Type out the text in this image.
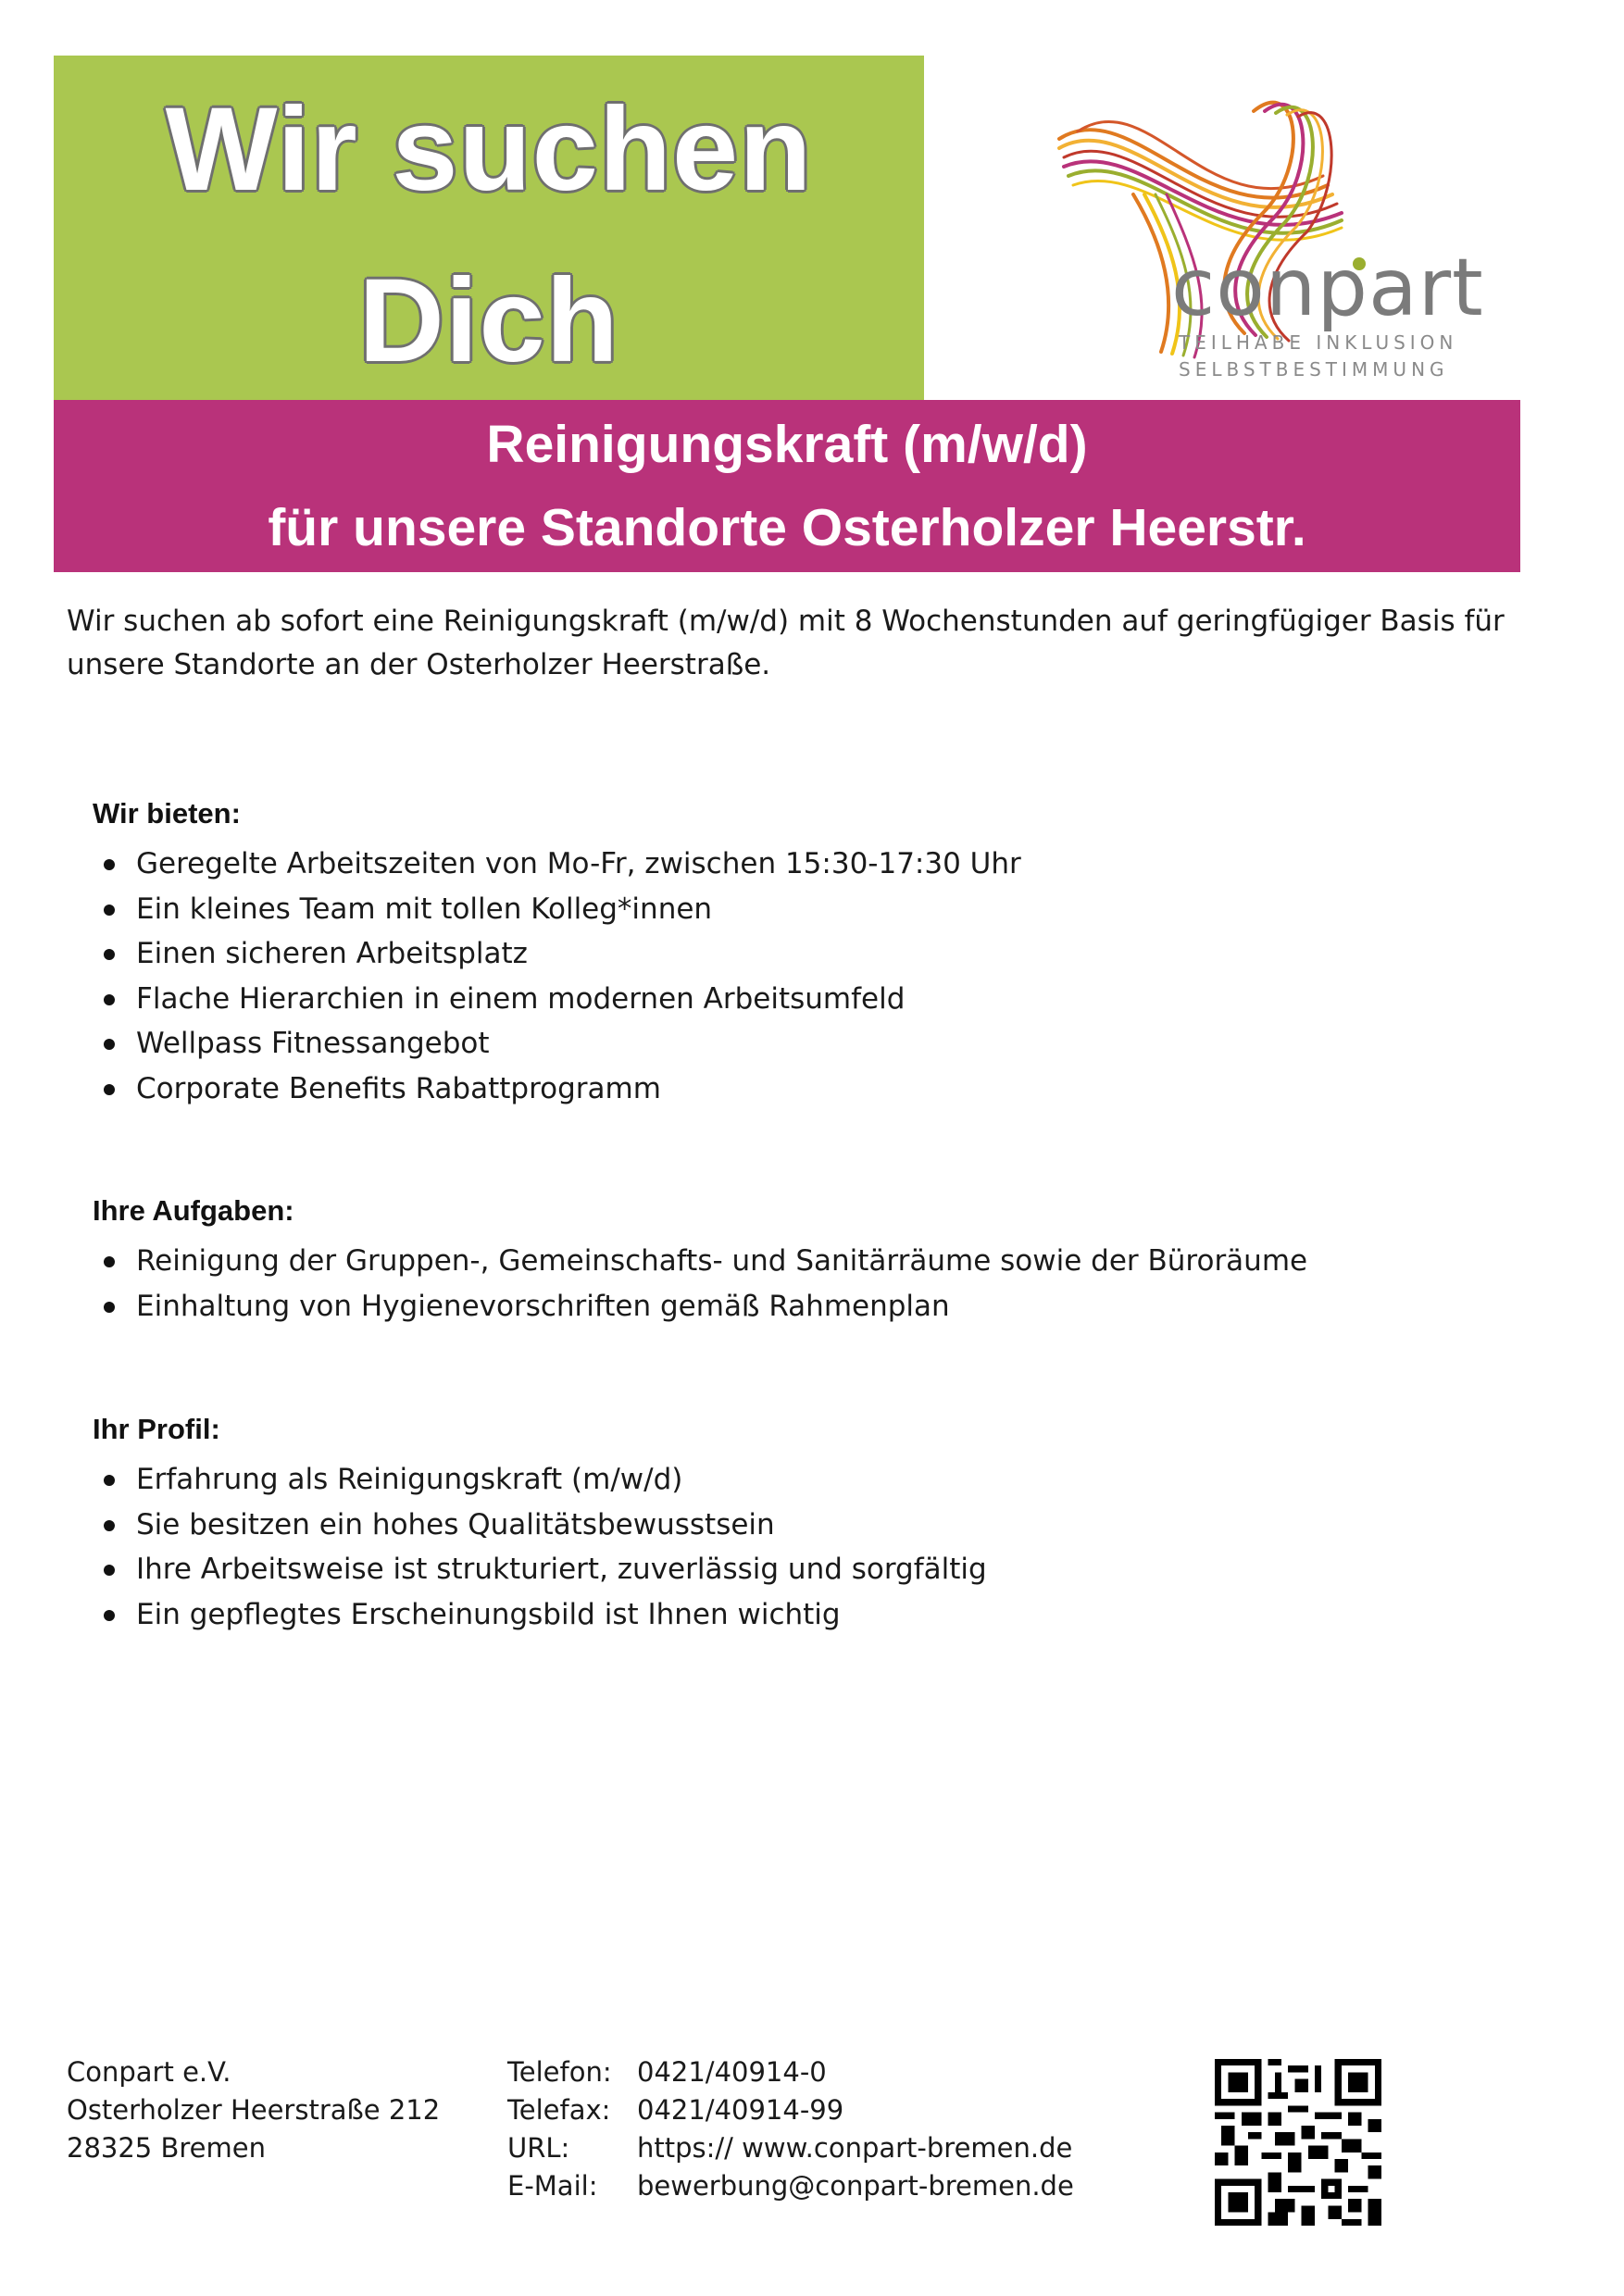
Wir suchen
Dich	conpart
TEILHABE INKLUSION
SELBSTBESTIMMUNG
Reinigungskraft (m/w/d)
für unsere Standorte Osterholzer Heerstr.

Wir suchen ab sofort eine Reinigungskraft (m/w/d) mit 8 Wochenstunden auf geringfügiger Basis für unsere Standorte an der Osterholzer Heerstraße.

Wir bieten:
Geregelte Arbeitszeiten von Mo-Fr, zwischen 15:30-17:30 Uhr
Ein kleines Team mit tollen Kolleg*innen
Einen sicheren Arbeitsplatz
Flache Hierarchien in einem modernen Arbeitsumfeld
Wellpass Fitnessangebot
Corporate Benefits Rabattprogramm
Ihre Aufgaben:
Reinigung der Gruppen-, Gemeinschafts- und Sanitärräume sowie der Büroräume
Einhaltung von Hygienevorschriften gemäß Rahmenplan
Ihr Profil:
Erfahrung als Reinigungskraft (m/w/d)
Sie besitzen ein hohes Qualitätsbewusstsein
Ihre Arbeitsweise ist strukturiert, zuverlässig und sorgfältig
Ein gepflegtes Erscheinungsbild ist Ihnen wichtig
Conpart e.V.
Osterholzer Heerstraße 212
28325 Bremen
Telefon:
Telefax:
URL:
E-Mail:
0421/40914-0
0421/40914-99
https:// www.conpart-bremen.de
bewerbung@conpart-bremen.de
